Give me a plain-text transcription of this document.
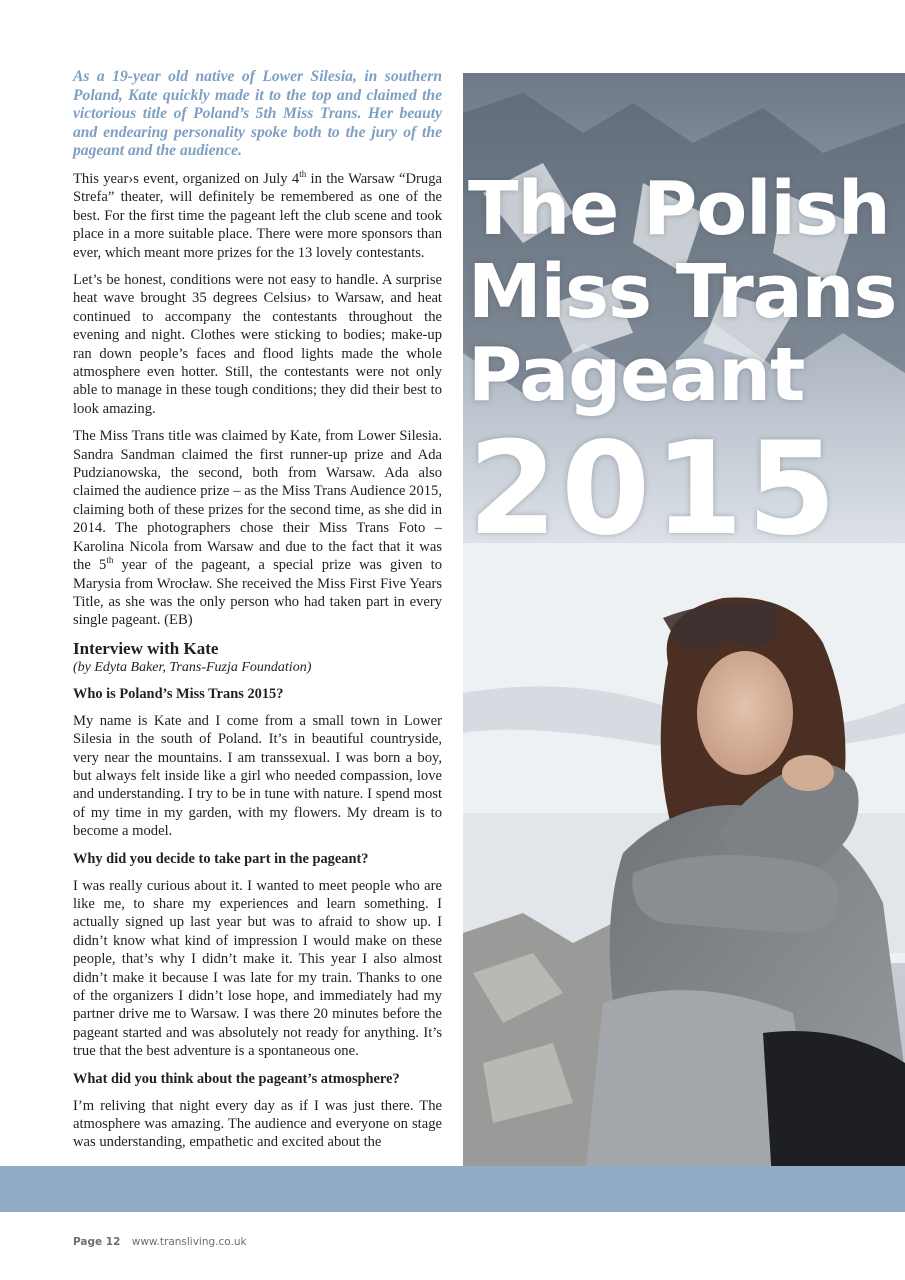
As a 19-year old native of Lower Silesia, in southern Poland, Kate quickly made it to the top and claimed the victorious title of Poland’s 5th Miss Trans. Her beauty and endearing personality spoke both to the jury of the pageant and the audience.

This year›s event, organized on July 4th in the Warsaw “Druga Strefa” theater, will definitely be remembered as one of the best. For the first time the pageant left the club scene and took place in a more suitable place. There were more sponsors than ever, which meant more prizes for the 13 lovely contestants.

Let’s be honest, conditions were not easy to handle. A surprise heat wave brought 35 degrees Celsius› to Warsaw, and heat continued to accompany the contestants throughout the evening and night. Clothes were sticking to bodies; make-up ran down people’s faces and flood lights made the whole atmosphere even hotter. Still, the contestants were not only able to manage in these tough conditions; they did their best to look amazing.

The Miss Trans title was claimed by Kate, from Lower Silesia. Sandra Sandman claimed the first runner-up prize and Ada Pudzianowska, the second, both from Warsaw. Ada also claimed the audience prize – as the Miss Trans Audience 2015, claiming both of these prizes for the second time, as she did in 2014. The photographers chose their Miss Trans Foto – Karolina Nicola from Warsaw and due to the fact that it was the 5th year of the pageant, a special prize was given to Marysia from Wrocław. She received the Miss First Five Years Title, as she was the only person who had taken part in every single pageant. (EB)

Interview with Kate
(by Edyta Baker, Trans-Fuzja Foundation)

Who is Poland’s Miss Trans 2015?

My name is Kate and I come from a small town in Lower Silesia in the south of Poland. It’s in beautiful countryside, very near the mountains. I am transsexual. I was born a boy, but always felt inside like a girl who needed compassion, love and understanding. I try to be in tune with nature. I spend most of my time in my garden, with my flowers. My dream is to become a model.

Why did you decide to take part in the pageant?

I was really curious about it. I wanted to meet people who are like me, to share my experiences and learn something. I actually signed up last year but was to afraid to show up. I didn’t know what kind of impression I would make on these people, that’s why I didn’t make it. This year I also almost didn’t make it because I was late for my train. Thanks to one of the organizers I didn’t lose hope, and immediately had my partner drive me to Warsaw. I was there 20 minutes before the pageant started and was absolutely not ready for anything. It’s true that the best adventure is a spontaneous one.

What did you think about the pageant’s atmosphere?

I’m reliving that night every day as if I was just there. The atmosphere was amazing. The audience and everyone on stage was understanding, empathetic and excited about the

The Polish
Miss Trans
Pageant
2015
Page 12 www.transliving.co.uk
